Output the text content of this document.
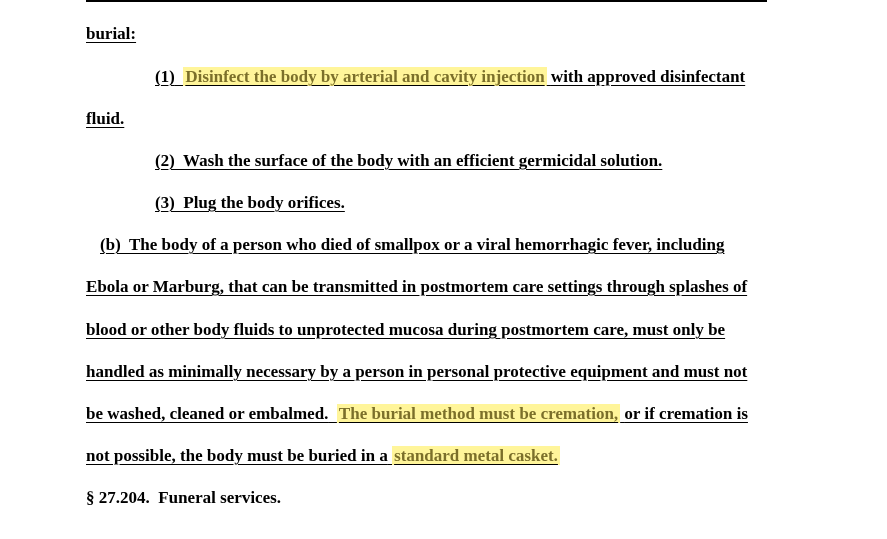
burial:
(1) Disinfect the body by arterial and cavity injection with approved disinfectant
fluid.
(2)  Wash the surface of the body with an efficient germicidal solution.
(3)  Plug the body orifices.
(b)  The body of a person who died of smallpox or a viral hemorrhagic fever, including
Ebola or Marburg, that can be transmitted in postmortem care settings through splashes of
blood or other body fluids to unprotected mucosa during postmortem care, must only be
handled as minimally necessary by a person in personal protective equipment and must not
be washed, cleaned or embalmed. The burial method must be cremation, or if cremation is
not possible, the body must be buried in a standard metal casket.
§ 27.204.  Funeral services.
